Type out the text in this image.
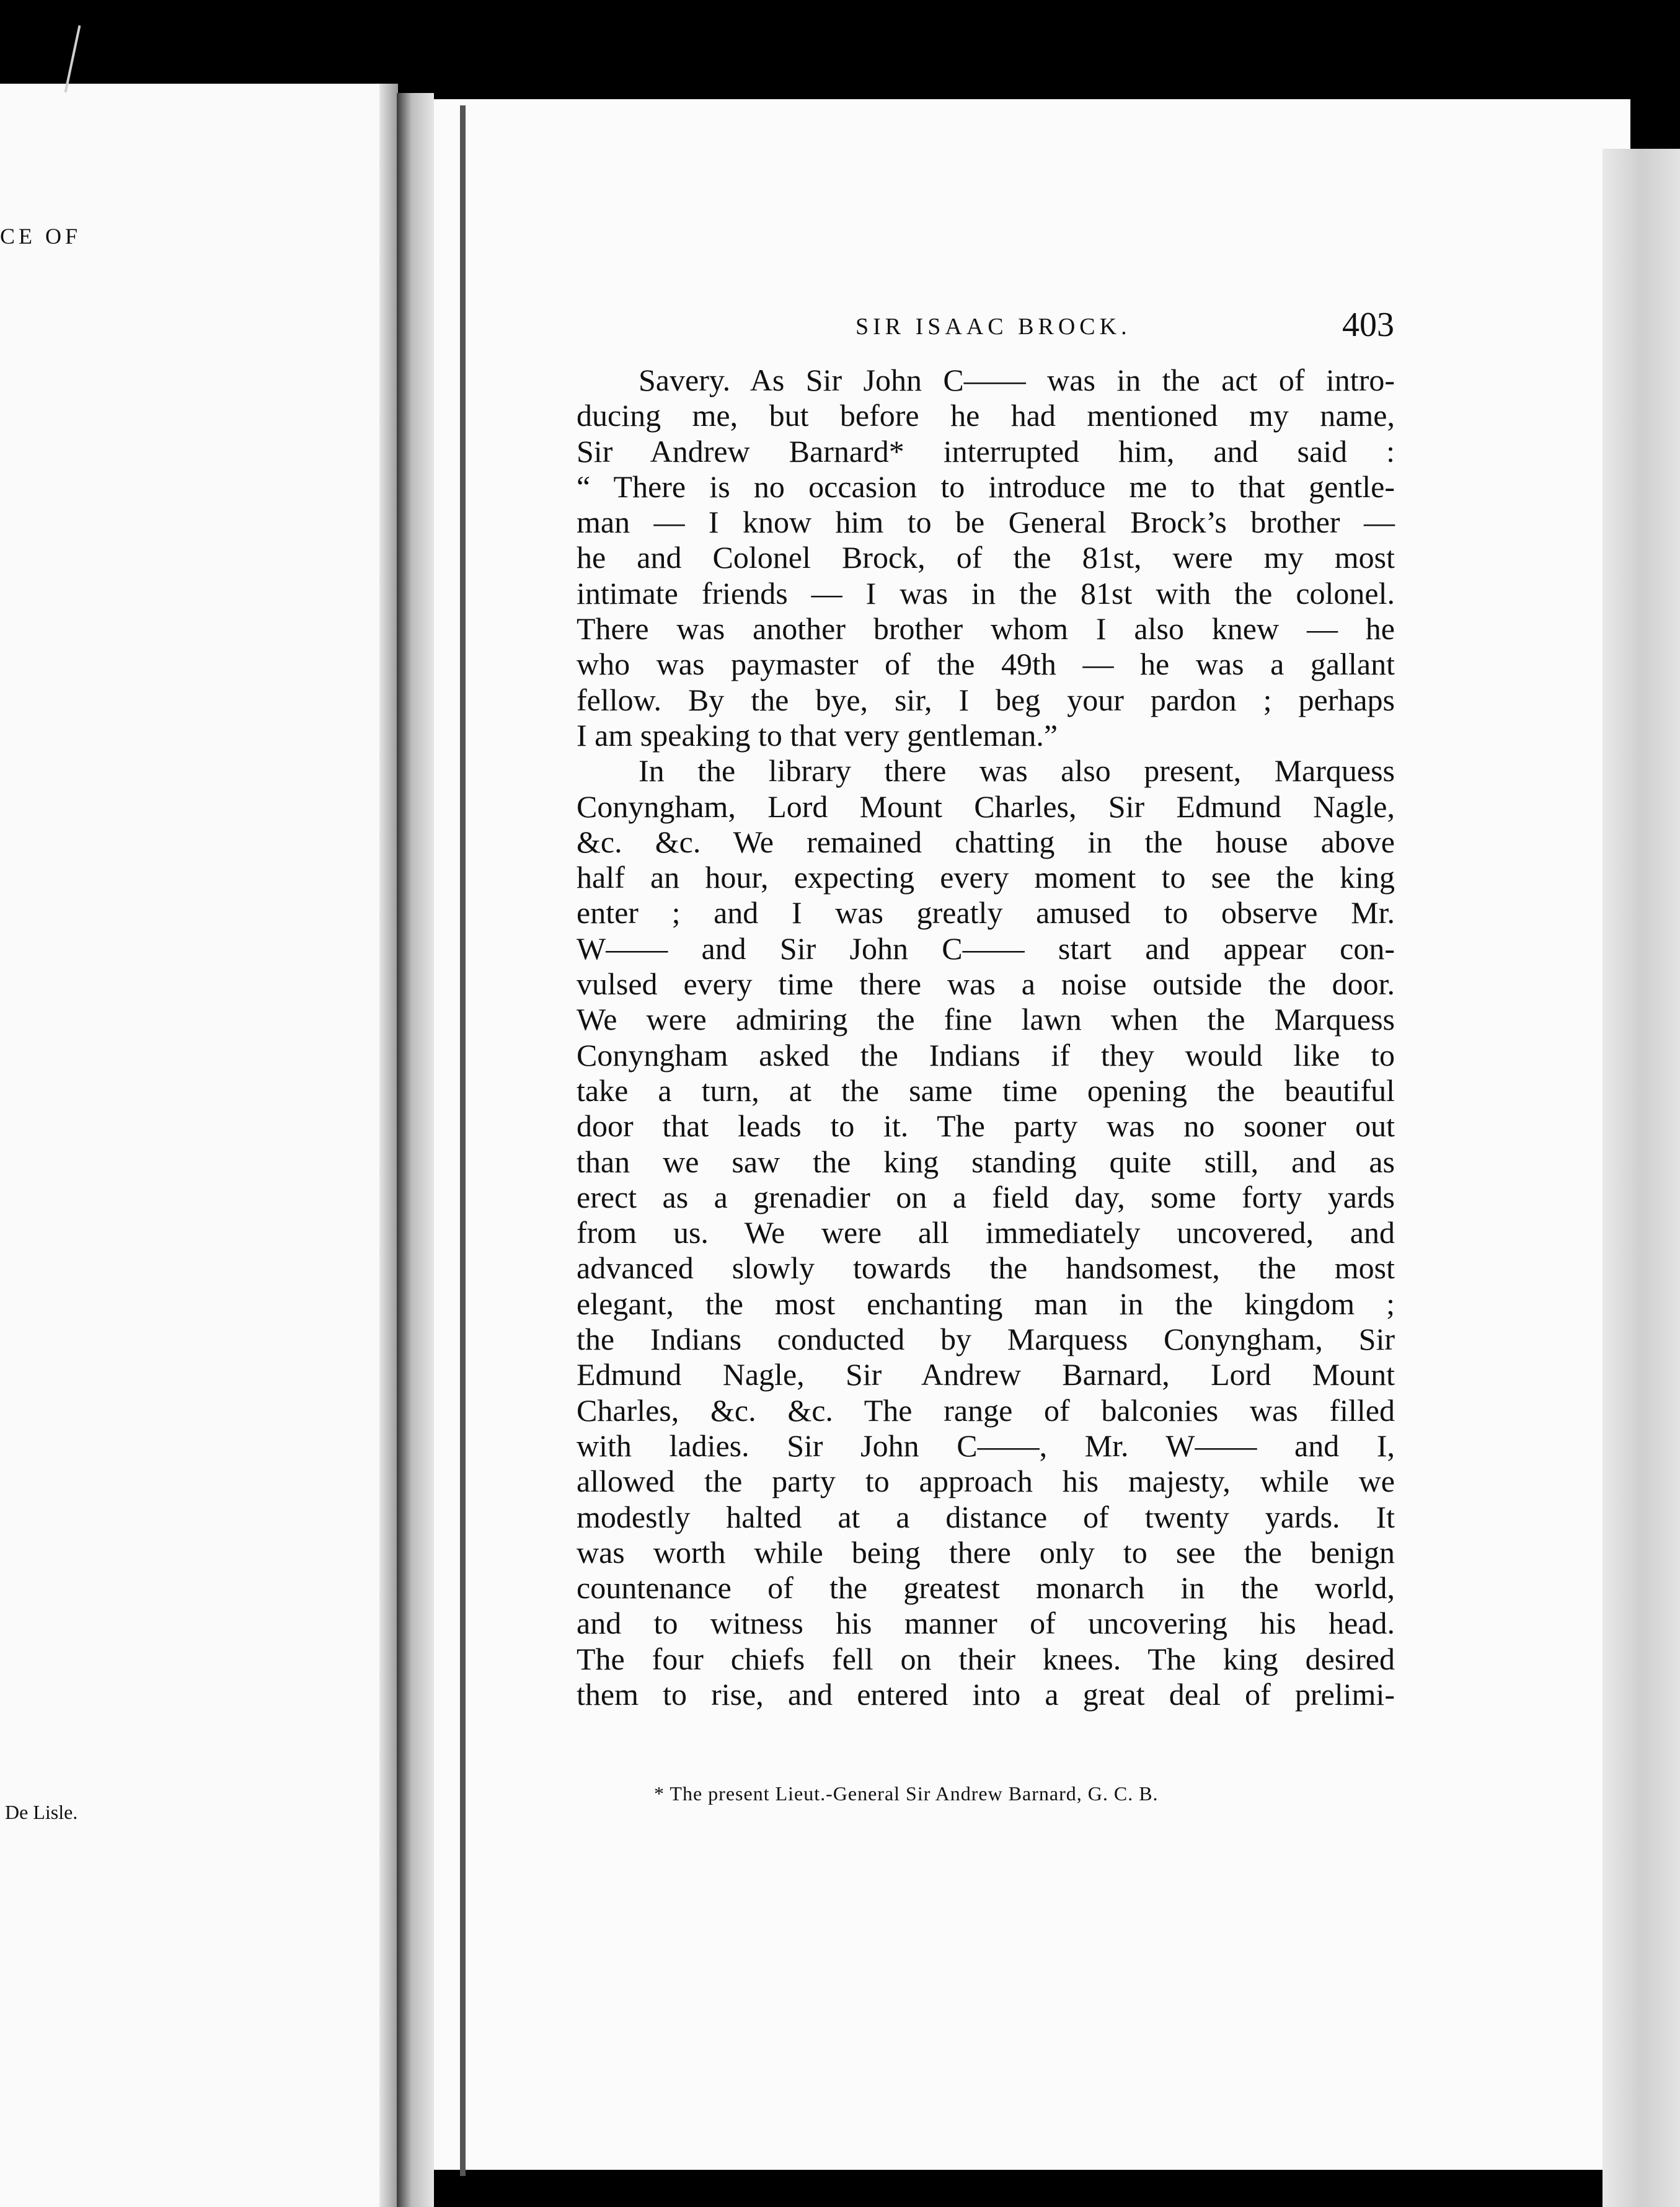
CE OF
De Lisle.
SIR ISAAC BROCK.	403
Savery. As Sir John C—— was in the act of intro-
ducing me, but before he had mentioned my name,
Sir Andrew Barnard* interrupted him, and said :
“ There is no occasion to introduce me to that gentle-
man — I know him to be General Brock’s brother —
he and Colonel Brock, of the 81st, were my most
intimate friends — I was in the 81st with the colonel.
There was another brother whom I also knew — he
who was paymaster of the 49th — he was a gallant
fellow. By the bye, sir, I beg your pardon ; perhaps
I am speaking to that very gentleman.”
In the library there was also present, Marquess
Conyngham, Lord Mount Charles, Sir Edmund Nagle,
&c. &c. We remained chatting in the house above
half an hour, expecting every moment to see the king
enter ; and I was greatly amused to observe Mr.
W—— and Sir John C—— start and appear con-
vulsed every time there was a noise outside the door.
We were admiring the fine lawn when the Marquess
Conyngham asked the Indians if they would like to
take a turn, at the same time opening the beautiful
door that leads to it. The party was no sooner out
than we saw the king standing quite still, and as
erect as a grenadier on a field day, some forty yards
from us. We were all immediately uncovered, and
advanced slowly towards the handsomest, the most
elegant, the most enchanting man in the kingdom ;
the Indians conducted by Marquess Conyngham, Sir
Edmund Nagle, Sir Andrew Barnard, Lord Mount
Charles, &c. &c. The range of balconies was filled
with ladies. Sir John C——, Mr. W—— and I,
allowed the party to approach his majesty, while we
modestly halted at a distance of twenty yards. It
was worth while being there only to see the benign
countenance of the greatest monarch in the world,
and to witness his manner of uncovering his head.
The four chiefs fell on their knees. The king desired
them to rise, and entered into a great deal of prelimi-
* The present Lieut.-General Sir Andrew Barnard, G. C. B.
